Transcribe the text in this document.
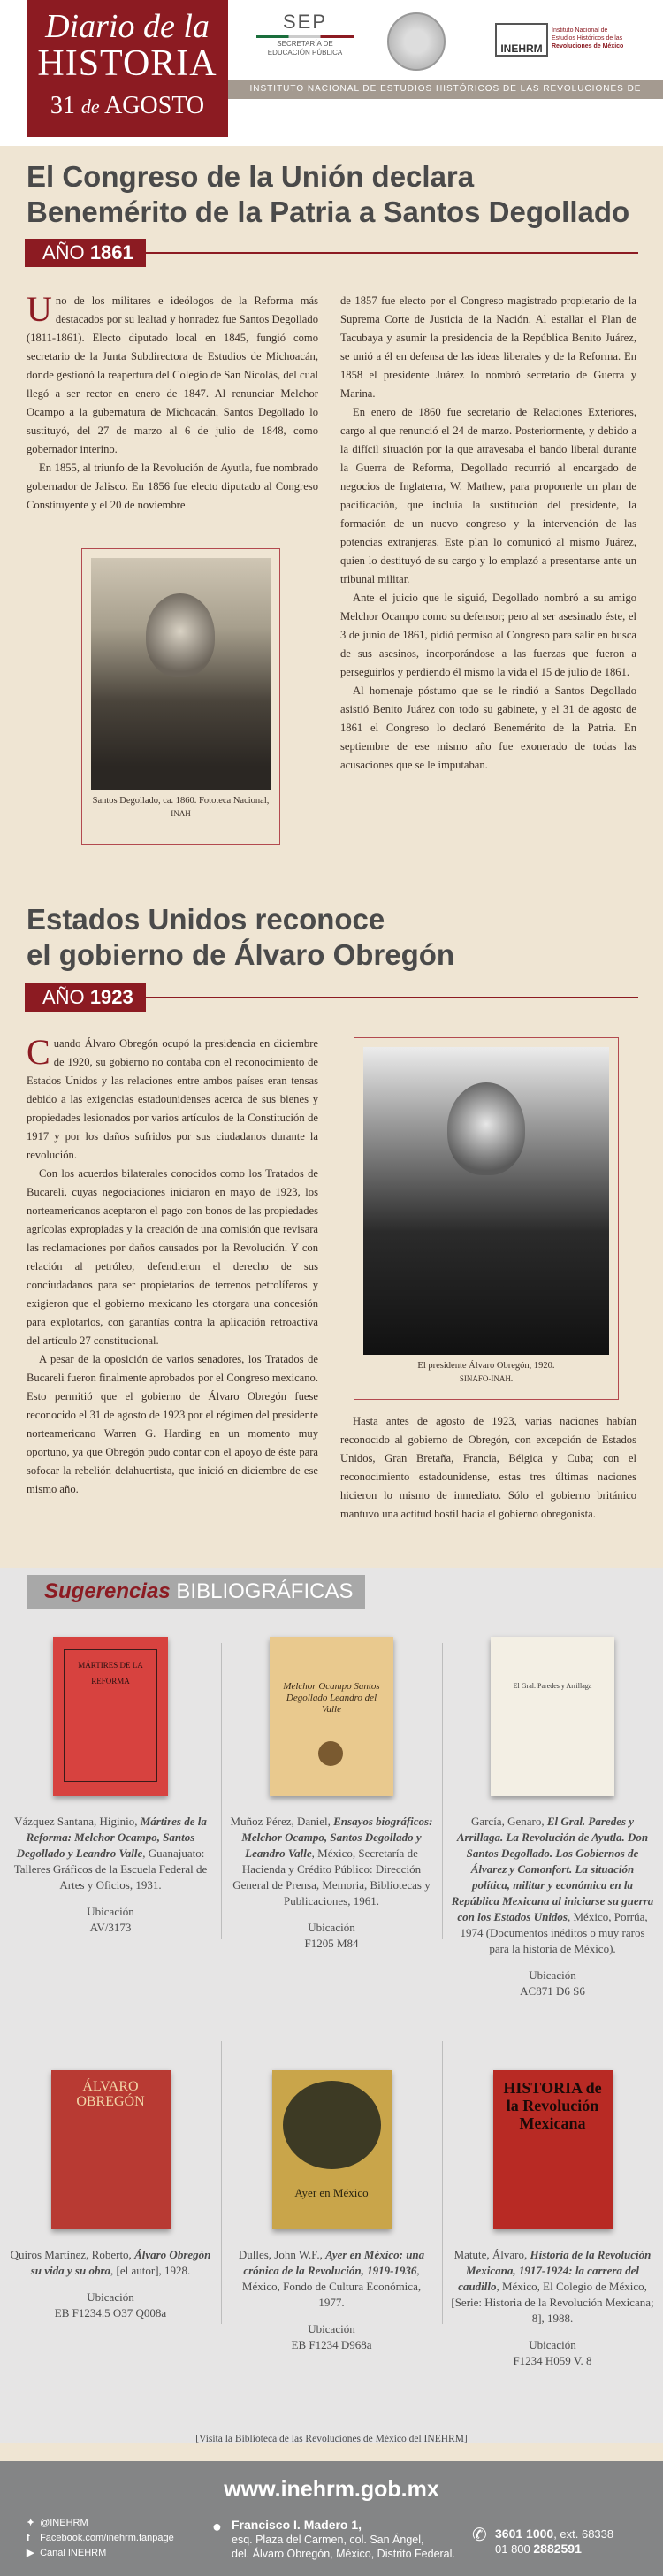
Diario de la
HISTORIA
31 de AGOSTO
SEP
SECRETARÍA DE
EDUCACIÓN PÚBLICA	INEHRMInstituto Nacional de
Estudios Históricos de las
Revoluciones de México
INSTITUTO NACIONAL DE ESTUDIOS HISTÓRICOS DE LAS REVOLUCIONES DE MÉXICO
El Congreso de la Unión declara
Benemérito de la Patria a Santos Degollado
AÑO 1861

Uno de los militares e ideólogos de la Reforma más destacados por su lealtad y honradez fue Santos Degollado (1811-1861). Electo diputado local en 1845, fungió como secretario de la Junta Subdirectora de Estudios de Michoacán, donde gestionó la reapertura del Colegio de San Nicolás, del cual llegó a ser rector en enero de 1847. Al renunciar Melchor Ocampo a la gubernatura de Michoacán, Santos Degollado lo sustituyó, del 27 de marzo al 6 de julio de 1848, como gobernador interino.

En 1855, al triunfo de la Revolución de Ayutla, fue nombrado gobernador de Jalisco. En 1856 fue electo diputado al Congreso Constituyente y el 20 de noviembre

Santos Degollado, ca. 1860. Fototeca Nacional, INAH

de 1857 fue electo por el Congreso magistrado propietario de la Suprema Corte de Justicia de la Nación. Al estallar el Plan de Tacubaya y asumir la presidencia de la República Benito Juárez, se unió a él en defensa de las ideas liberales y de la Reforma. En 1858 el presidente Juárez lo nombró secretario de Guerra y Marina.

En enero de 1860 fue secretario de Relaciones Exteriores, cargo al que renunció el 24 de marzo. Posteriormente, y debido a la difícil situación por la que atravesaba el bando liberal durante la Guerra de Reforma, Degollado recurrió al encargado de negocios de Inglaterra, W. Mathew, para proponerle un plan de pacificación, que incluía la sustitución del presidente, la formación de un nuevo congreso y la intervención de las potencias extranjeras. Este plan lo comunicó al mismo Juárez, quien lo destituyó de su cargo y lo emplazó a presentarse ante un tribunal militar.

Ante el juicio que le siguió, Degollado nombró a su amigo Melchor Ocampo como su defensor; pero al ser asesinado éste, el 3 de junio de 1861, pidió permiso al Congreso para salir en busca de sus asesinos, incorporándose a las fuerzas que fueron a perseguirlos y perdiendo él mismo la vida el 15 de julio de 1861.

Al homenaje póstumo que se le rindió a Santos Degollado asistió Benito Juárez con todo su gabinete, y el 31 de agosto de 1861 el Congreso lo declaró Benemérito de la Patria. En septiembre de ese mismo año fue exonerado de todas las acusaciones que se le imputaban.

Estados Unidos reconoce
el gobierno de Álvaro Obregón
AÑO 1923

Cuando Álvaro Obregón ocupó la presidencia en diciembre de 1920, su gobierno no contaba con el reconocimiento de Estados Unidos y las relaciones entre ambos países eran tensas debido a las exigencias estadounidenses acerca de sus bienes y propiedades lesionados por varios artículos de la Constitución de 1917 y por los daños sufridos por sus ciudadanos durante la revolución.

Con los acuerdos bilaterales conocidos como los Tratados de Bucareli, cuyas negociaciones iniciaron en mayo de 1923, los norteamericanos aceptaron el pago con bonos de las propiedades agrícolas expropiadas y la creación de una comisión que revisara las reclamaciones por daños causados por la Revolución. Y con relación al petróleo, defendieron el derecho de sus conciudadanos para ser propietarios de terrenos petrolíferos y exigieron que el gobierno mexicano les otorgara una concesión para explotarlos, con garantías contra la aplicación retroactiva del artículo 27 constitucional.

A pesar de la oposición de varios senadores, los Tratados de Bucareli fueron finalmente aprobados por el Congreso mexicano. Esto permitió que el gobierno de Álvaro Obregón fuese reconocido el 31 de agosto de 1923 por el régimen del presidente norteamericano Warren G. Harding en un momento muy oportuno, ya que Obregón pudo contar con el apoyo de éste para sofocar la rebelión delahuertista, que inició en diciembre de ese mismo año.

El presidente Álvaro Obregón, 1920.
SINAFO-INAH.

Hasta antes de agosto de 1923, varias naciones habían reconocido al gobierno de Obregón, con excepción de Estados Unidos, Gran Bretaña, Francia, Bélgica y Cuba; con el reconocimiento estadounidense, estas tres últimas naciones hicieron lo mismo de inmediato. Sólo el gobierno británico mantuvo una actitud hostil hacia el gobierno obregonista.

Sugerencias BIBLIOGRÁFICAS
MÁRTIRES DE LA REFORMA
Vázquez Santana, Higinio, Mártires de la Reforma: Melchor Ocampo, Santos Degollado y Leandro Valle, Guanajuato: Talleres Gráficos de la Escuela Federal de Artes y Oficios, 1931.
Ubicación
AV/3173
Melchor Ocampo Santos Degollado Leandro del Valle
Muñoz Pérez, Daniel, Ensayos biográficos: Melchor Ocampo, Santos Degollado y Leandro Valle, México, Secretaría de Hacienda y Crédito Público: Dirección General de Prensa, Memoria, Bibliotecas y Publicaciones, 1961.
Ubicación
F1205 M84
El Gral. Paredes y Arrillaga
García, Genaro, El Gral. Paredes y Arrillaga. La Revolución de Ayutla. Don Santos Degollado. Los Gobiernos de Álvarez y Comonfort. La situación política, militar y económica en la República Mexicana al iniciarse su guerra con los Estados Unidos, México, Porrúa, 1974 (Documentos inéditos o muy raros para la historia de México).
Ubicación
AC871 D6 S6
ÁLVARO OBREGÓN
Quiros Martínez, Roberto, Álvaro Obregón su vida y su obra, [el autor], 1928.
Ubicación
EB F1234.5 O37 Q008a
Ayer en México
Dulles, John W.F., Ayer en México: una crónica de la Revolución, 1919-1936, México, Fondo de Cultura Económica, 1977.
Ubicación
EB F1234 D968a
HISTORIA de la Revolución Mexicana
Matute, Álvaro, Historia de la Revolución Mexicana, 1917-1924: la carrera del caudillo, México, El Colegio de México, [Serie: Historia de la Revolución Mexicana; 8], 1988.
Ubicación
F1234 H059 V. 8
[Visita la Biblioteca de las Revoluciones de México del INEHRM]
www.inehrm.gob.mx
✦ @INEHRM
f Facebook.com/inehrm.fanpage
▶ Canal INEHRM
● Francisco I. Madero 1,
esq. Plaza del Carmen, col. San Ángel,
del. Álvaro Obregón, México, Distrito Federal.
✆ 3601 1000, ext. 68338
01 800 2882591
